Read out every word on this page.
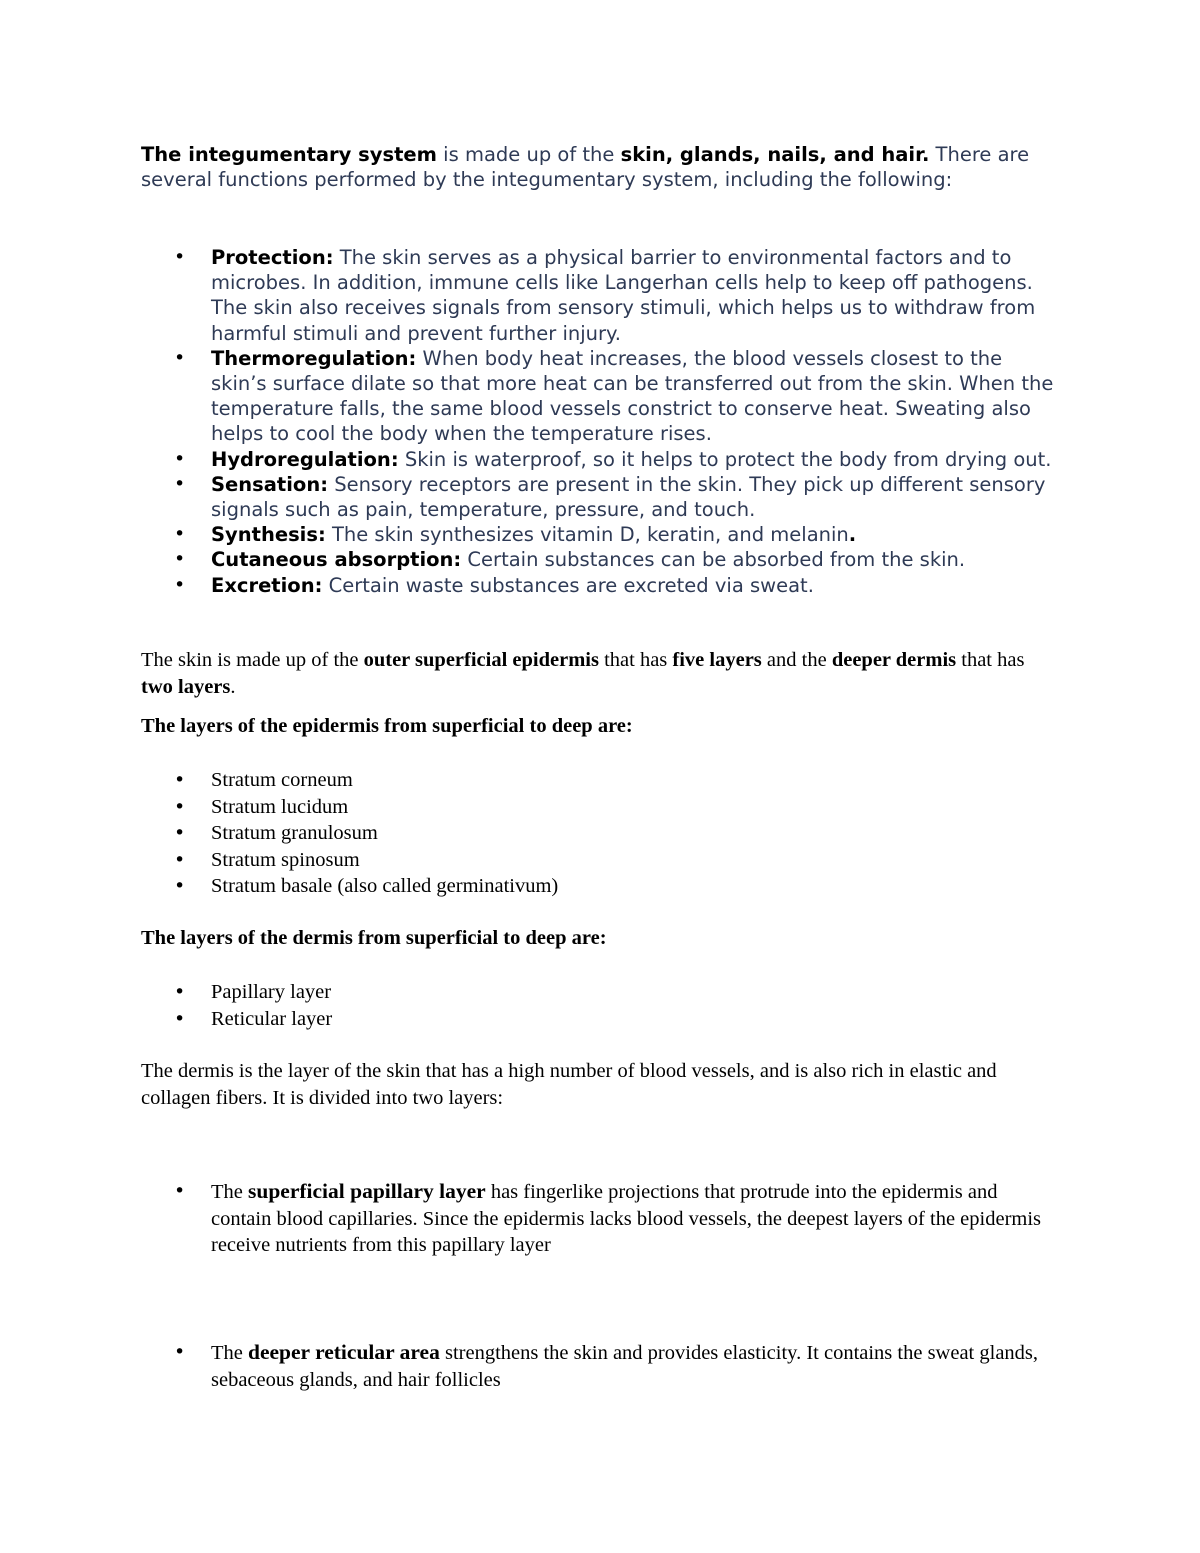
The integumentary system is made up of the skin, glands, nails, and hair. There are several functions performed by the integumentary system, including the following:

• Protection: The skin serves as a physical barrier to environmental factors and to microbes. In addition, immune cells like Langerhan cells help to keep off pathogens. The skin also receives signals from sensory stimuli, which helps us to withdraw from harmful stimuli and prevent further injury.
• Thermoregulation: When body heat increases, the blood vessels closest to the skin’s surface dilate so that more heat can be transferred out from the skin. When the temperature falls, the same blood vessels constrict to conserve heat. Sweating also helps to cool the body when the temperature rises.
• Hydroregulation: Skin is waterproof, so it helps to protect the body from drying out.
• Sensation: Sensory receptors are present in the skin. They pick up different sensory signals such as pain, temperature, pressure, and touch.
• Synthesis: The skin synthesizes vitamin D, keratin, and melanin.
• Cutaneous absorption: Certain substances can be absorbed from the skin.
• Excretion: Certain waste substances are excreted via sweat.

The skin is made up of the outer superficial epidermis that has five layers and the deeper dermis that has two layers.

The layers of the epidermis from superficial to deep are:

• Stratum corneum
• Stratum lucidum
• Stratum granulosum
• Stratum spinosum
• Stratum basale (also called germinativum)

The layers of the dermis from superficial to deep are:

• Papillary layer
• Reticular layer

The dermis is the layer of the skin that has a high number of blood vessels, and is also rich in elastic and collagen fibers. It is divided into two layers:

• The superficial papillary layer has fingerlike projections that protrude into the epidermis and contain blood capillaries. Since the epidermis lacks blood vessels, the deepest layers of the epidermis receive nutrients from this papillary layer
• The deeper reticular area strengthens the skin and provides elasticity. It contains the sweat glands, sebaceous glands, and hair follicles
